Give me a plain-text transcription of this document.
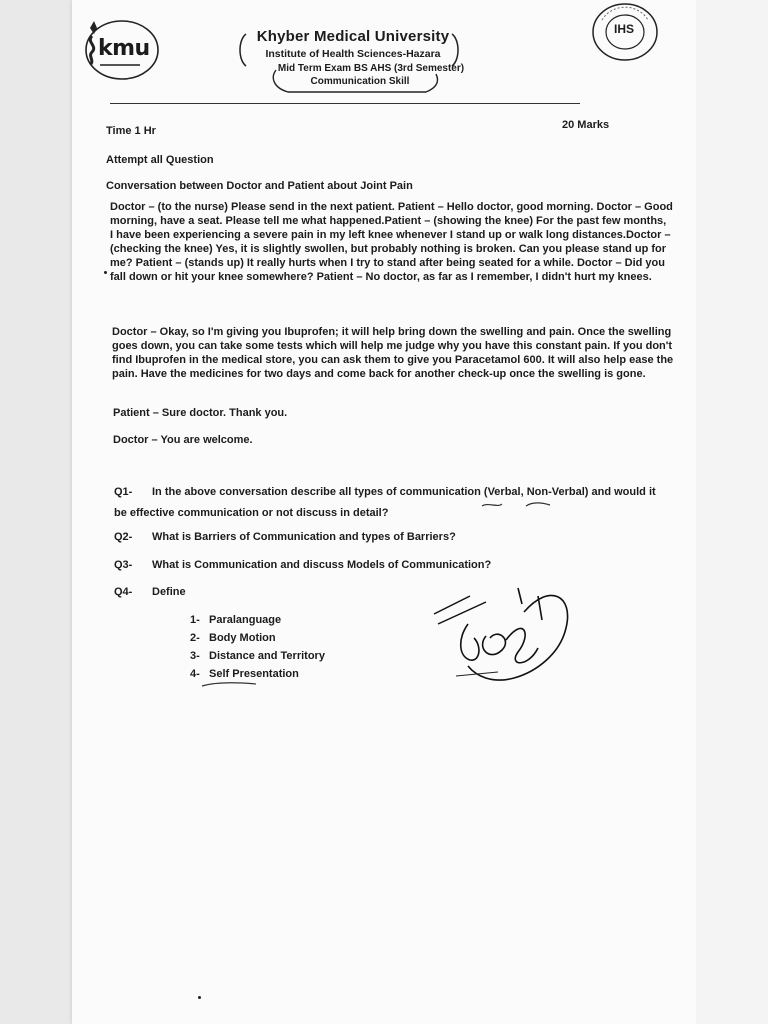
kmu
IHS
Khyber Medical University
Institute of Health Sciences-Hazara
Mid Term Exam BS AHS (3rd Semester)
Communication Skill
Time 1 Hr	20 Marks
Attempt all Question
Conversation between Doctor and Patient about Joint Pain
Doctor – (to the nurse) Please send in the next patient. Patient – Hello doctor, good morning. Doctor – Good
morning, have a seat. Please tell me what happened.Patient – (showing the knee) For the past few months,
I have been experiencing a severe pain in my left knee whenever I stand up or walk long distances.Doctor –
(checking the knee) Yes, it is slightly swollen, but probably nothing is broken. Can you please stand up for
me? Patient – (stands up) It really hurts when I try to stand after being seated for a while. Doctor – Did you
fall down or hit your knee somewhere? Patient – No doctor, as far as I remember, I didn't hurt my knees.
Doctor – Okay, so I'm giving you Ibuprofen; it will help bring down the swelling and pain. Once the swelling
goes down, you can take some tests which will help me judge why you have this constant pain. If you don't
find Ibuprofen in the medical store, you can ask them to give you Paracetamol 600. It will also help ease the
pain. Have the medicines for two days and come back for another check-up once the swelling is gone.
Patient – Sure doctor. Thank you.
Doctor – You are welcome.
Q1-	In the above conversation describe all types of communication (Verbal, Non-Verbal) and would it
be effective communication or not discuss in detail?
Q2-	What is Barriers of Communication and types of Barriers?
Q3-	What is Communication and discuss Models of Communication?
Q4-	Define
1- Paralanguage
2- Body Motion
3- Distance and Territory
4- Self Presentation
